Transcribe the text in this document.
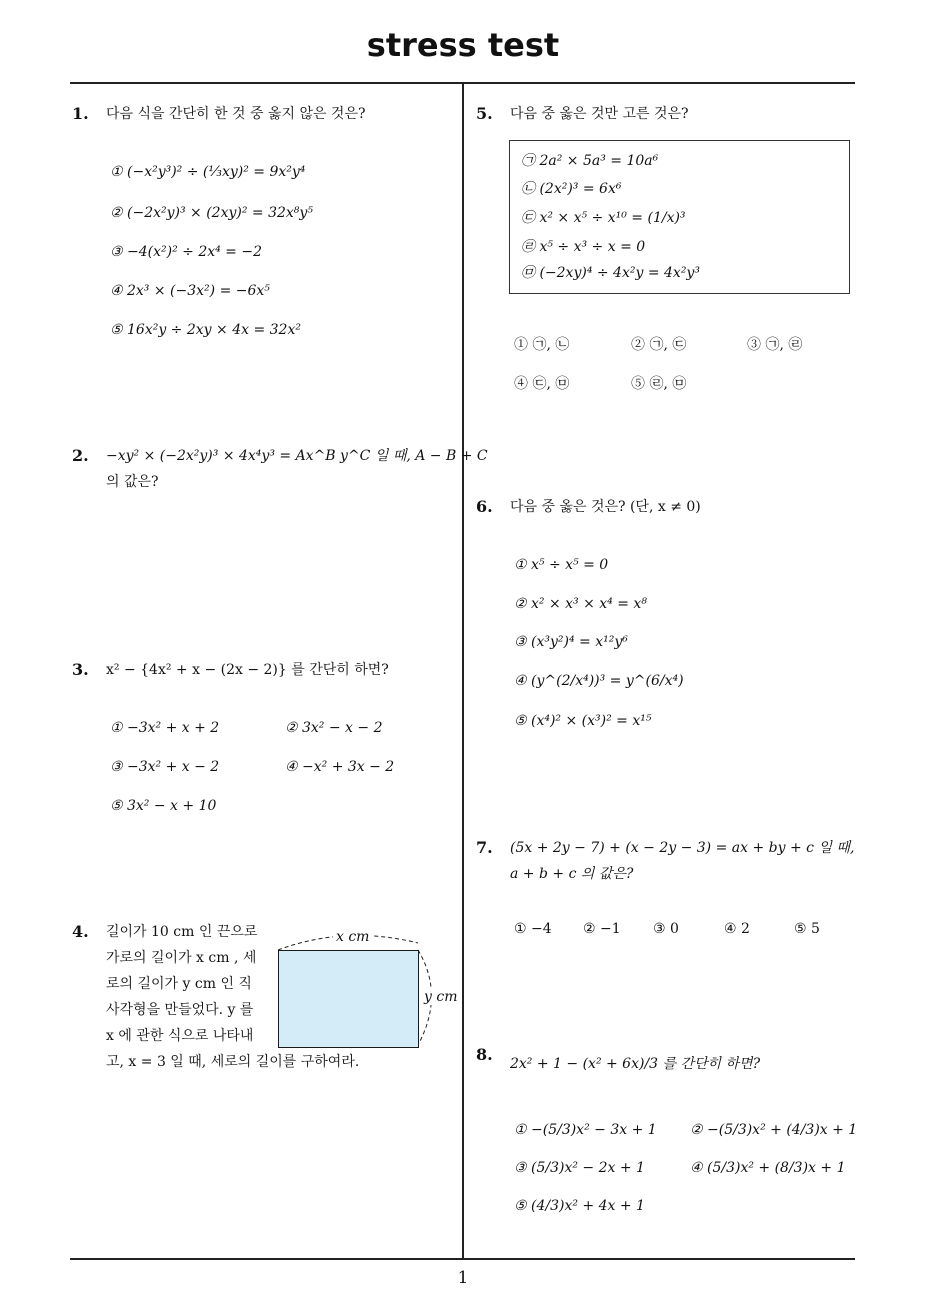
stress test
1. 다음 식을 간단히 한 것 중 옳지 않은 것은?
① (−x²y³)² ÷ (⅓xy)² = 9x²y⁴
② (−2x²y)³ × (2xy)² = 32x⁸y⁵
③ −4(x²)² ÷ 2x⁴ = −2
④ 2x³ × (−3x²) = −6x⁵
⑤ 16x²y ÷ 2xy × 4x = 32x²
2. −xy² × (−2x²y)³ × 4x⁴y³ = Ax^B y^C 일 때, A − B + C
의 값은?
3. x² − {4x² + x − (2x − 2)} 를 간단히 하면?
① −3x² + x + 2	② 3x² − x − 2
③ −3x² + x − 2	④ −x² + 3x − 2
⑤ 3x² − x + 10
4. 길이가 10 cm 인 끈으로
가로의 길이가 x cm , 세
로의 길이가 y cm 인 직
사각형을 만들었다. y 를
x 에 관한 식으로 나타내
고, x = 3 일 때, 세로의 길이를 구하여라.
x cm
y cm
5. 다음 중 옳은 것만 고른 것은?
㉠ 2a² × 5a³ = 10a⁶
㉡ (2x²)³ = 6x⁶
㉢ x² × x⁵ ÷ x¹⁰ = (1/x)³
㉣ x⁵ ÷ x³ ÷ x = 0
㉤ (−2xy)⁴ ÷ 4x²y = 4x²y³
① ㉠, ㉡	② ㉠, ㉢	③ ㉠, ㉣
④ ㉢, ㉤	⑤ ㉣, ㉤
6. 다음 중 옳은 것은? (단, x ≠ 0)
① x⁵ ÷ x⁵ = 0
② x² × x³ × x⁴ = x⁸
③ (x³y²)⁴ = x¹²y⁶
④ (y^(2/x⁴))³ = y^(6/x⁴)
⑤ (x⁴)² × (x³)² = x¹⁵
7. (5x + 2y − 7) + (x − 2y − 3) = ax + by + c 일 때,
a + b + c 의 값은?
① −4 ② −1 ③ 0	④ 2	⑤ 5
8. 2x² + 1 − (x² + 6x)/3 를 간단히 하면?
① −(5/3)x² − 3x + 1 ② −(5/3)x² + (4/3)x + 1
③ (5/3)x² − 2x + 1	④ (5/3)x² + (8/3)x + 1
⑤ (4/3)x² + 4x + 1
1
